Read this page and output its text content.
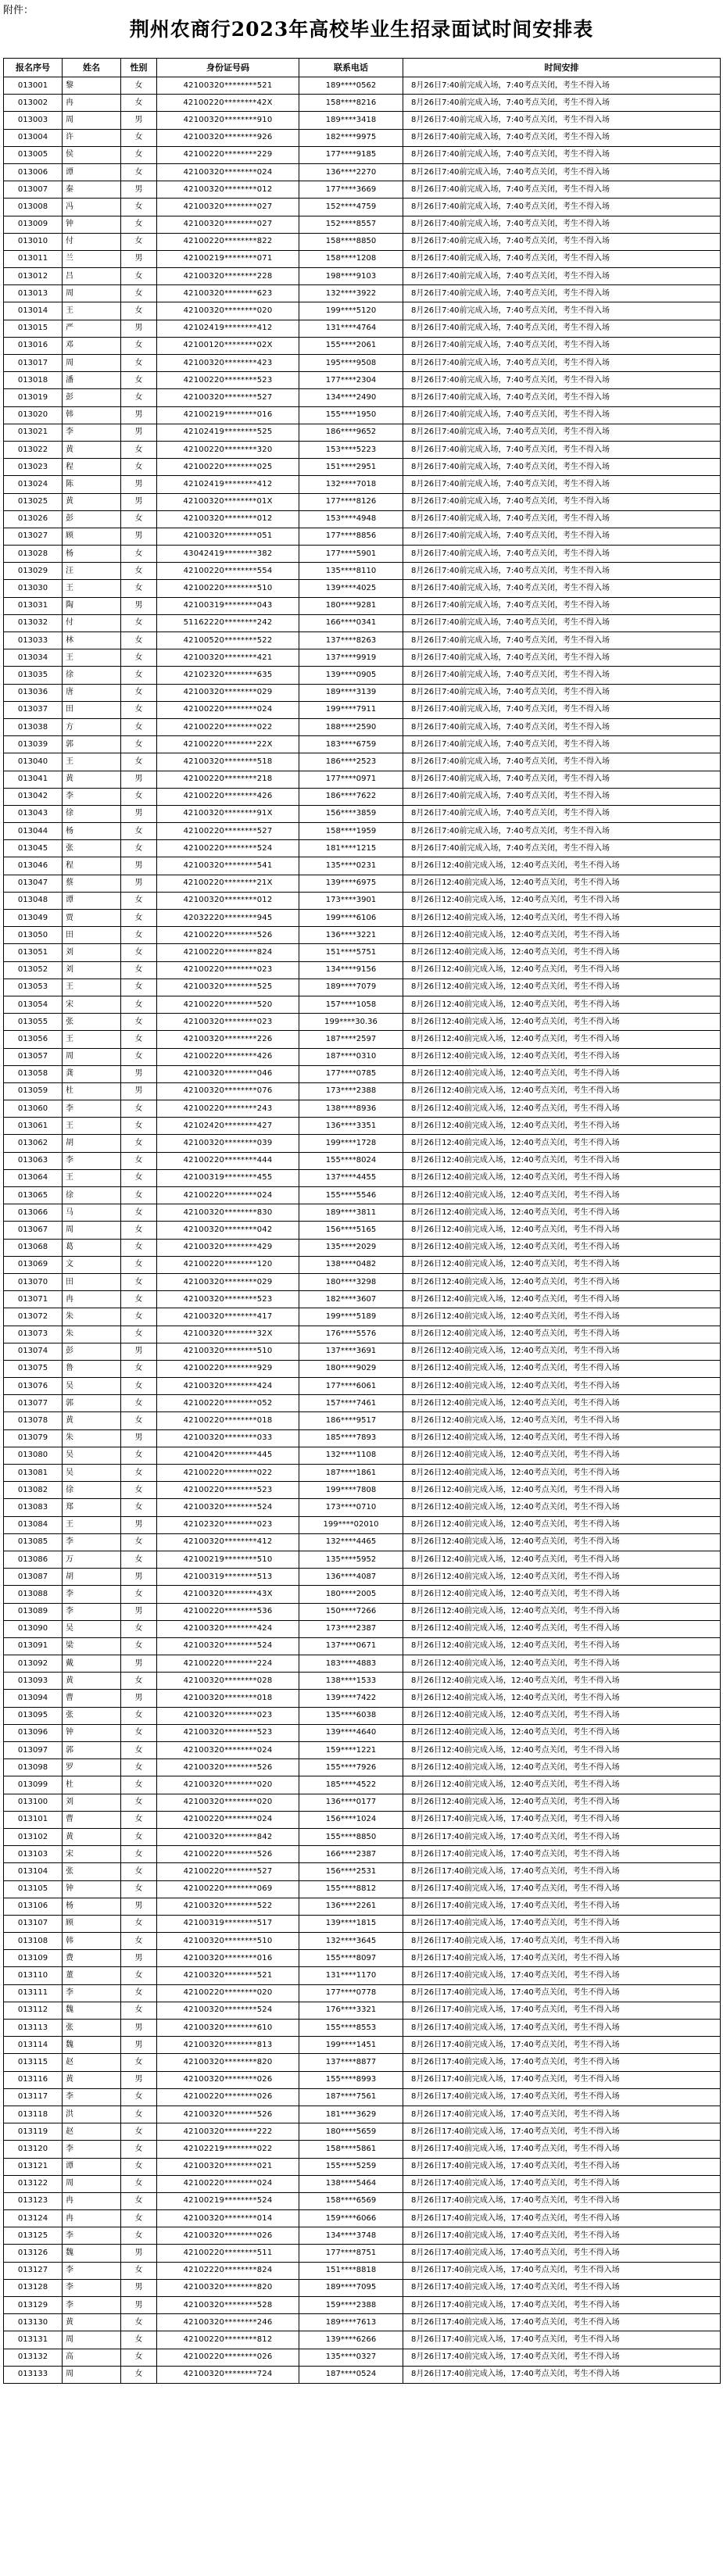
附件：
荆州农商行2023年高校毕业生招录面试时间安排表
报名序号	姓名	性别	身份证号码	联系电话	时间安排
013001	黎	女	42100320********521	189****0562	8月26日7:40前完成入场，7:40考点关闭，考生不得入场
013002	冉	女	42100220********42X	158****8216	8月26日7:40前完成入场，7:40考点关闭，考生不得入场
013003	周	男	42100320********910	189****3418	8月26日7:40前完成入场，7:40考点关闭，考生不得入场
013004	许	女	42100320********926	182****9975	8月26日7:40前完成入场，7:40考点关闭，考生不得入场
013005	侯	女	42100220********229	177****9185	8月26日7:40前完成入场，7:40考点关闭，考生不得入场
013006	谭	女	42100320********024	136****2270	8月26日7:40前完成入场，7:40考点关闭，考生不得入场
013007	秦	男	42100320********012	177****3669	8月26日7:40前完成入场，7:40考点关闭，考生不得入场
013008	冯	女	42100320********027	152****4759	8月26日7:40前完成入场，7:40考点关闭，考生不得入场
013009	钟	女	42100320********027	152****8557	8月26日7:40前完成入场，7:40考点关闭，考生不得入场
013010	付	女	42100220********822	158****8850	8月26日7:40前完成入场，7:40考点关闭，考生不得入场
013011	兰	男	42100219********071	158****1208	8月26日7:40前完成入场，7:40考点关闭，考生不得入场
013012	吕	女	42100320********228	198****9103	8月26日7:40前完成入场，7:40考点关闭，考生不得入场
013013	周	女	42100320********623	132****3922	8月26日7:40前完成入场，7:40考点关闭，考生不得入场
013014	王	女	42100320********020	199****5120	8月26日7:40前完成入场，7:40考点关闭，考生不得入场
013015	严	男	42102419********412	131****4764	8月26日7:40前完成入场，7:40考点关闭，考生不得入场
013016	邓	女	42100120********02X	155****2061	8月26日7:40前完成入场，7:40考点关闭，考生不得入场
013017	周	女	42100320********423	195****9508	8月26日7:40前完成入场，7:40考点关闭，考生不得入场
013018	潘	女	42100220********523	177****2304	8月26日7:40前完成入场，7:40考点关闭，考生不得入场
013019	彭	女	42100320********527	134****2490	8月26日7:40前完成入场，7:40考点关闭，考生不得入场
013020	韩	男	42100219********016	155****1950	8月26日7:40前完成入场，7:40考点关闭，考生不得入场
013021	李	男	42102419********525	186****9652	8月26日7:40前完成入场，7:40考点关闭，考生不得入场
013022	黄	女	42100220********320	153****5223	8月26日7:40前完成入场，7:40考点关闭，考生不得入场
013023	程	女	42100220********025	151****2951	8月26日7:40前完成入场，7:40考点关闭，考生不得入场
013024	陈	男	42102419********412	132****7018	8月26日7:40前完成入场，7:40考点关闭，考生不得入场
013025	黄	男	42100320********01X	177****8126	8月26日7:40前完成入场，7:40考点关闭，考生不得入场
013026	彭	女	42100320********012	153****4948	8月26日7:40前完成入场，7:40考点关闭，考生不得入场
013027	顾	男	42100320********051	177****8856	8月26日7:40前完成入场，7:40考点关闭，考生不得入场
013028	杨	女	43042419********382	177****5901	8月26日7:40前完成入场，7:40考点关闭，考生不得入场
013029	汪	女	42100220********554	135****8110	8月26日7:40前完成入场，7:40考点关闭，考生不得入场
013030	王	女	42100220********510	139****4025	8月26日7:40前完成入场，7:40考点关闭，考生不得入场
013031	陶	男	42100319********043	180****9281	8月26日7:40前完成入场，7:40考点关闭，考生不得入场
013032	付	女	51162220********242	166****0341	8月26日7:40前完成入场，7:40考点关闭，考生不得入场
013033	林	女	42100520********522	137****8263	8月26日7:40前完成入场，7:40考点关闭，考生不得入场
013034	王	女	42100320********421	137****9919	8月26日7:40前完成入场，7:40考点关闭，考生不得入场
013035	徐	女	42102320********635	139****0905	8月26日7:40前完成入场，7:40考点关闭，考生不得入场
013036	唐	女	42100320********029	189****3139	8月26日7:40前完成入场，7:40考点关闭，考生不得入场
013037	田	女	42100220********024	199****7911	8月26日7:40前完成入场，7:40考点关闭，考生不得入场
013038	方	女	42100220********022	188****2590	8月26日7:40前完成入场，7:40考点关闭，考生不得入场
013039	郭	女	42100220********22X	183****6759	8月26日7:40前完成入场，7:40考点关闭，考生不得入场
013040	王	女	42100320********518	186****2523	8月26日7:40前完成入场，7:40考点关闭，考生不得入场
013041	黄	男	42100220********218	177****0971	8月26日7:40前完成入场，7:40考点关闭，考生不得入场
013042	李	女	42100220********426	186****7622	8月26日7:40前完成入场，7:40考点关闭，考生不得入场
013043	徐	男	42100320********91X	156****3859	8月26日7:40前完成入场，7:40考点关闭，考生不得入场
013044	杨	女	42100220********527	158****1959	8月26日7:40前完成入场，7:40考点关闭，考生不得入场
013045	张	女	42100220********524	181****1215	8月26日7:40前完成入场，7:40考点关闭，考生不得入场
013046	程	男	42100320********541	135****0231	8月26日12:40前完成入场，12:40考点关闭，考生不得入场
013047	蔡	男	42100220********21X	139****6975	8月26日12:40前完成入场，12:40考点关闭，考生不得入场
013048	谭	女	42100320********012	173****3901	8月26日12:40前完成入场，12:40考点关闭，考生不得入场
013049	贾	女	42032220********945	199****6106	8月26日12:40前完成入场，12:40考点关闭，考生不得入场
013050	田	女	42100220********526	136****3221	8月26日12:40前完成入场，12:40考点关闭，考生不得入场
013051	刘	女	42100220********824	151****5751	8月26日12:40前完成入场，12:40考点关闭，考生不得入场
013052	刘	女	42100220********023	134****9156	8月26日12:40前完成入场，12:40考点关闭，考生不得入场
013053	王	女	42100320********525	189****7079	8月26日12:40前完成入场，12:40考点关闭，考生不得入场
013054	宋	女	42100220********520	157****1058	8月26日12:40前完成入场，12:40考点关闭，考生不得入场
013055	张	女	42100320********023	199****30.36	8月26日12:40前完成入场，12:40考点关闭，考生不得入场
013056	王	女	42100320********226	187****2597	8月26日12:40前完成入场，12:40考点关闭，考生不得入场
013057	周	女	42100220********426	187****0310	8月26日12:40前完成入场，12:40考点关闭，考生不得入场
013058	龚	男	42100320********046	177****0785	8月26日12:40前完成入场，12:40考点关闭，考生不得入场
013059	杜	男	42100320********076	173****2388	8月26日12:40前完成入场，12:40考点关闭，考生不得入场
013060	李	女	42100220********243	138****8936	8月26日12:40前完成入场，12:40考点关闭，考生不得入场
013061	王	女	42102420********427	136****3351	8月26日12:40前完成入场，12:40考点关闭，考生不得入场
013062	胡	女	42100320********039	199****1728	8月26日12:40前完成入场，12:40考点关闭，考生不得入场
013063	李	女	42100220********444	155****8024	8月26日12:40前完成入场，12:40考点关闭，考生不得入场
013064	王	女	42100319********455	137****4455	8月26日12:40前完成入场，12:40考点关闭，考生不得入场
013065	徐	女	42100220********024	155****5546	8月26日12:40前完成入场，12:40考点关闭，考生不得入场
013066	马	女	42100320********830	189****3811	8月26日12:40前完成入场，12:40考点关闭，考生不得入场
013067	周	女	42100320********042	156****5165	8月26日12:40前完成入场，12:40考点关闭，考生不得入场
013068	葛	女	42100320********429	135****2029	8月26日12:40前完成入场，12:40考点关闭，考生不得入场
013069	文	女	42100220********120	138****0482	8月26日12:40前完成入场，12:40考点关闭，考生不得入场
013070	田	女	42100320********029	180****3298	8月26日12:40前完成入场，12:40考点关闭，考生不得入场
013071	冉	女	42100320********523	182****3607	8月26日12:40前完成入场，12:40考点关闭，考生不得入场
013072	朱	女	42100320********417	199****5189	8月26日12:40前完成入场，12:40考点关闭，考生不得入场
013073	朱	女	42100320********32X	176****5576	8月26日12:40前完成入场，12:40考点关闭，考生不得入场
013074	彭	男	42100320********510	137****3691	8月26日12:40前完成入场，12:40考点关闭，考生不得入场
013075	鲁	女	42100220********929	180****9029	8月26日12:40前完成入场，12:40考点关闭，考生不得入场
013076	吴	女	42100320********424	177****6061	8月26日12:40前完成入场，12:40考点关闭，考生不得入场
013077	郭	女	42100220********052	157****7461	8月26日12:40前完成入场，12:40考点关闭，考生不得入场
013078	黄	女	42100220********018	186****9517	8月26日12:40前完成入场，12:40考点关闭，考生不得入场
013079	朱	男	42100320********033	185****7893	8月26日12:40前完成入场，12:40考点关闭，考生不得入场
013080	吴	女	42100420********445	132****1108	8月26日12:40前完成入场，12:40考点关闭，考生不得入场
013081	吴	女	42100220********022	187****1861	8月26日12:40前完成入场，12:40考点关闭，考生不得入场
013082	徐	女	42100220********523	199****7808	8月26日12:40前完成入场，12:40考点关闭，考生不得入场
013083	郑	女	42100320********524	173****0710	8月26日12:40前完成入场，12:40考点关闭，考生不得入场
013084	王	男	42102320********023	199****02010	8月26日12:40前完成入场，12:40考点关闭，考生不得入场
013085	李	女	42100320********412	132****4465	8月26日12:40前完成入场，12:40考点关闭，考生不得入场
013086	万	女	42100219********510	135****5952	8月26日12:40前完成入场，12:40考点关闭，考生不得入场
013087	胡	男	42100319********513	136****4087	8月26日12:40前完成入场，12:40考点关闭，考生不得入场
013088	李	女	42100320********43X	180****2005	8月26日12:40前完成入场，12:40考点关闭，考生不得入场
013089	李	男	42100220********536	150****7266	8月26日12:40前完成入场，12:40考点关闭，考生不得入场
013090	吴	女	42100320********424	173****2387	8月26日12:40前完成入场，12:40考点关闭，考生不得入场
013091	梁	女	42100320********524	137****0671	8月26日12:40前完成入场，12:40考点关闭，考生不得入场
013092	戴	男	42100220********224	183****4883	8月26日12:40前完成入场，12:40考点关闭，考生不得入场
013093	黄	女	42100320********028	138****1533	8月26日12:40前完成入场，12:40考点关闭，考生不得入场
013094	曹	男	42100320********018	139****7422	8月26日12:40前完成入场，12:40考点关闭，考生不得入场
013095	张	女	42100320********023	135****6038	8月26日12:40前完成入场，12:40考点关闭，考生不得入场
013096	钟	女	42100320********523	139****4640	8月26日12:40前完成入场，12:40考点关闭，考生不得入场
013097	郭	女	42100320********024	159****1221	8月26日12:40前完成入场，12:40考点关闭，考生不得入场
013098	罗	女	42100320********526	155****7926	8月26日12:40前完成入场，12:40考点关闭，考生不得入场
013099	杜	女	42100320********020	185****4522	8月26日12:40前完成入场，12:40考点关闭，考生不得入场
013100	刘	女	42100320********020	136****0177	8月26日12:40前完成入场，12:40考点关闭，考生不得入场
013101	曹	女	42100220********024	156****1024	8月26日17:40前完成入场，17:40考点关闭，考生不得入场
013102	黄	女	42100320********842	155****8850	8月26日17:40前完成入场，17:40考点关闭，考生不得入场
013103	宋	女	42100220********526	166****2387	8月26日17:40前完成入场，17:40考点关闭，考生不得入场
013104	张	女	42100220********527	156****2531	8月26日17:40前完成入场，17:40考点关闭，考生不得入场
013105	钟	女	42100220********069	155****8812	8月26日17:40前完成入场，17:40考点关闭，考生不得入场
013106	杨	男	42100320********522	136****2261	8月26日17:40前完成入场，17:40考点关闭，考生不得入场
013107	顾	女	42100319********517	139****1815	8月26日17:40前完成入场，17:40考点关闭，考生不得入场
013108	韩	女	42100320********510	132****3645	8月26日17:40前完成入场，17:40考点关闭，考生不得入场
013109	费	男	42100320********016	155****8097	8月26日17:40前完成入场，17:40考点关闭，考生不得入场
013110	董	女	42100320********521	131****1170	8月26日17:40前完成入场，17:40考点关闭，考生不得入场
013111	李	女	42100220********020	177****0778	8月26日17:40前完成入场，17:40考点关闭，考生不得入场
013112	魏	女	42100320********524	176****3321	8月26日17:40前完成入场，17:40考点关闭，考生不得入场
013113	张	男	42100320********610	155****8553	8月26日17:40前完成入场，17:40考点关闭，考生不得入场
013114	魏	男	42100320********813	199****1451	8月26日17:40前完成入场，17:40考点关闭，考生不得入场
013115	赵	女	42100320********820	137****8877	8月26日17:40前完成入场，17:40考点关闭，考生不得入场
013116	黄	男	42100320********026	155****8993	8月26日17:40前完成入场，17:40考点关闭，考生不得入场
013117	李	女	42100220********026	187****7561	8月26日17:40前完成入场，17:40考点关闭，考生不得入场
013118	洪	女	42100320********526	181****3629	8月26日17:40前完成入场，17:40考点关闭，考生不得入场
013119	赵	女	42100320********222	180****5659	8月26日17:40前完成入场，17:40考点关闭，考生不得入场
013120	李	女	42102219********022	158****5861	8月26日17:40前完成入场，17:40考点关闭，考生不得入场
013121	谭	女	42100320********021	155****5259	8月26日17:40前完成入场，17:40考点关闭，考生不得入场
013122	周	女	42100220********024	138****5464	8月26日17:40前完成入场，17:40考点关闭，考生不得入场
013123	冉	女	42100219********524	158****6569	8月26日17:40前完成入场，17:40考点关闭，考生不得入场
013124	冉	女	42100320********014	159****6066	8月26日17:40前完成入场，17:40考点关闭，考生不得入场
013125	李	女	42100320********026	134****3748	8月26日17:40前完成入场，17:40考点关闭，考生不得入场
013126	魏	男	42100220********511	177****8751	8月26日17:40前完成入场，17:40考点关闭，考生不得入场
013127	李	女	42102220********824	151****8818	8月26日17:40前完成入场，17:40考点关闭，考生不得入场
013128	李	男	42100320********820	189****7095	8月26日17:40前完成入场，17:40考点关闭，考生不得入场
013129	李	男	42100320********528	159****2388	8月26日17:40前完成入场，17:40考点关闭，考生不得入场
013130	黄	女	42100320********246	189****7613	8月26日17:40前完成入场，17:40考点关闭，考生不得入场
013131	周	女	42100220********812	139****6266	8月26日17:40前完成入场，17:40考点关闭，考生不得入场
013132	高	女	42100220********026	135****0327	8月26日17:40前完成入场，17:40考点关闭，考生不得入场
013133	周	女	42100320********724	187****0524	8月26日17:40前完成入场，17:40考点关闭，考生不得入场
